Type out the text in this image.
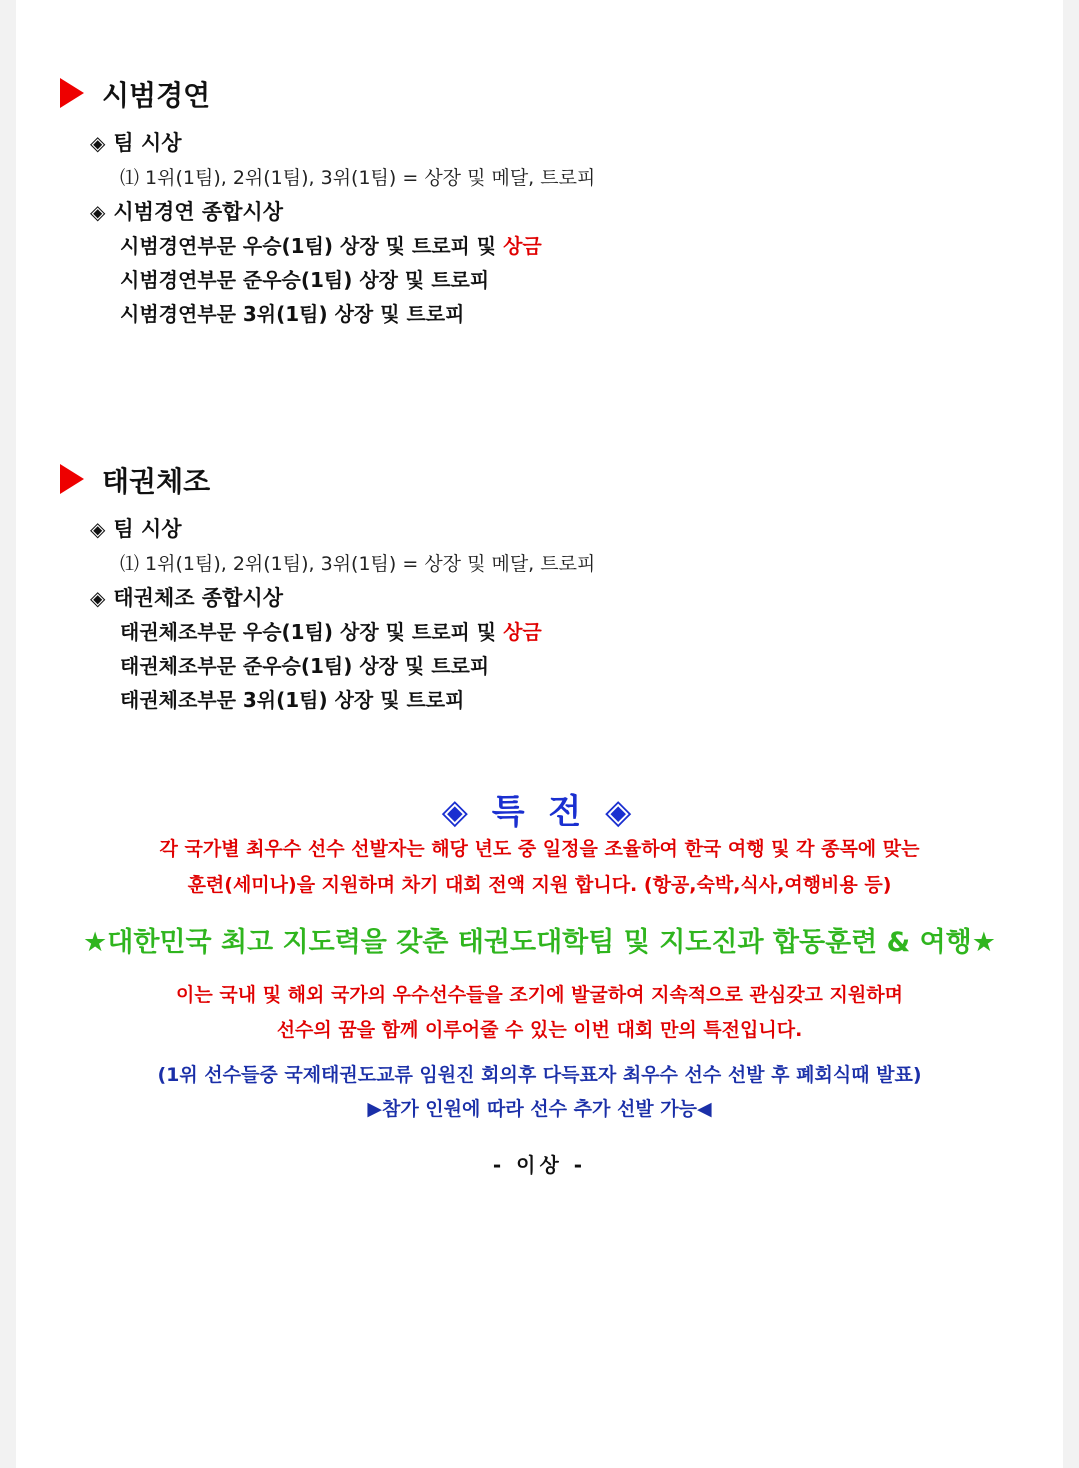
시범경연
◈ 팀 시상
⑴ 1위(1팀), 2위(1팀), 3위(1팀) = 상장 및 메달, 트로피
◈ 시범경연 종합시상
시범경연부문 우승(1팀) 상장 및 트로피 및 상금
시범경연부문 준우승(1팀) 상장 및 트로피
시범경연부문 3위(1팀) 상장 및 트로피
태권체조
◈ 팀 시상
⑴ 1위(1팀), 2위(1팀), 3위(1팀) = 상장 및 메달, 트로피
◈ 태권체조 종합시상
태권체조부문 우승(1팀) 상장 및 트로피 및 상금
태권체조부문 준우승(1팀) 상장 및 트로피
태권체조부문 3위(1팀) 상장 및 트로피
◈ 특 전 ◈
각 국가별 최우수 선수 선발자는 해당 년도 중 일정을 조율하여 한국 여행 및 각 종목에 맞는
훈련(세미나)을 지원하며 차기 대회 전액 지원 합니다. (항공,숙박,식사,여행비용 등)
★대한민국 최고 지도력을 갖춘 태권도대학팀 및 지도진과 합동훈련 & 여행★
이는 국내 및 해외 국가의 우수선수들을 조기에 발굴하여 지속적으로 관심갖고 지원하며
선수의 꿈을 함께 이루어줄 수 있는 이번 대회 만의 특전입니다.
(1위 선수들중 국제태권도교류 임원진 회의후 다득표자 최우수 선수 선발 후 폐회식때 발표)
▶참가 인원에 따라 선수 추가 선발 가능◀
- 이상 -
